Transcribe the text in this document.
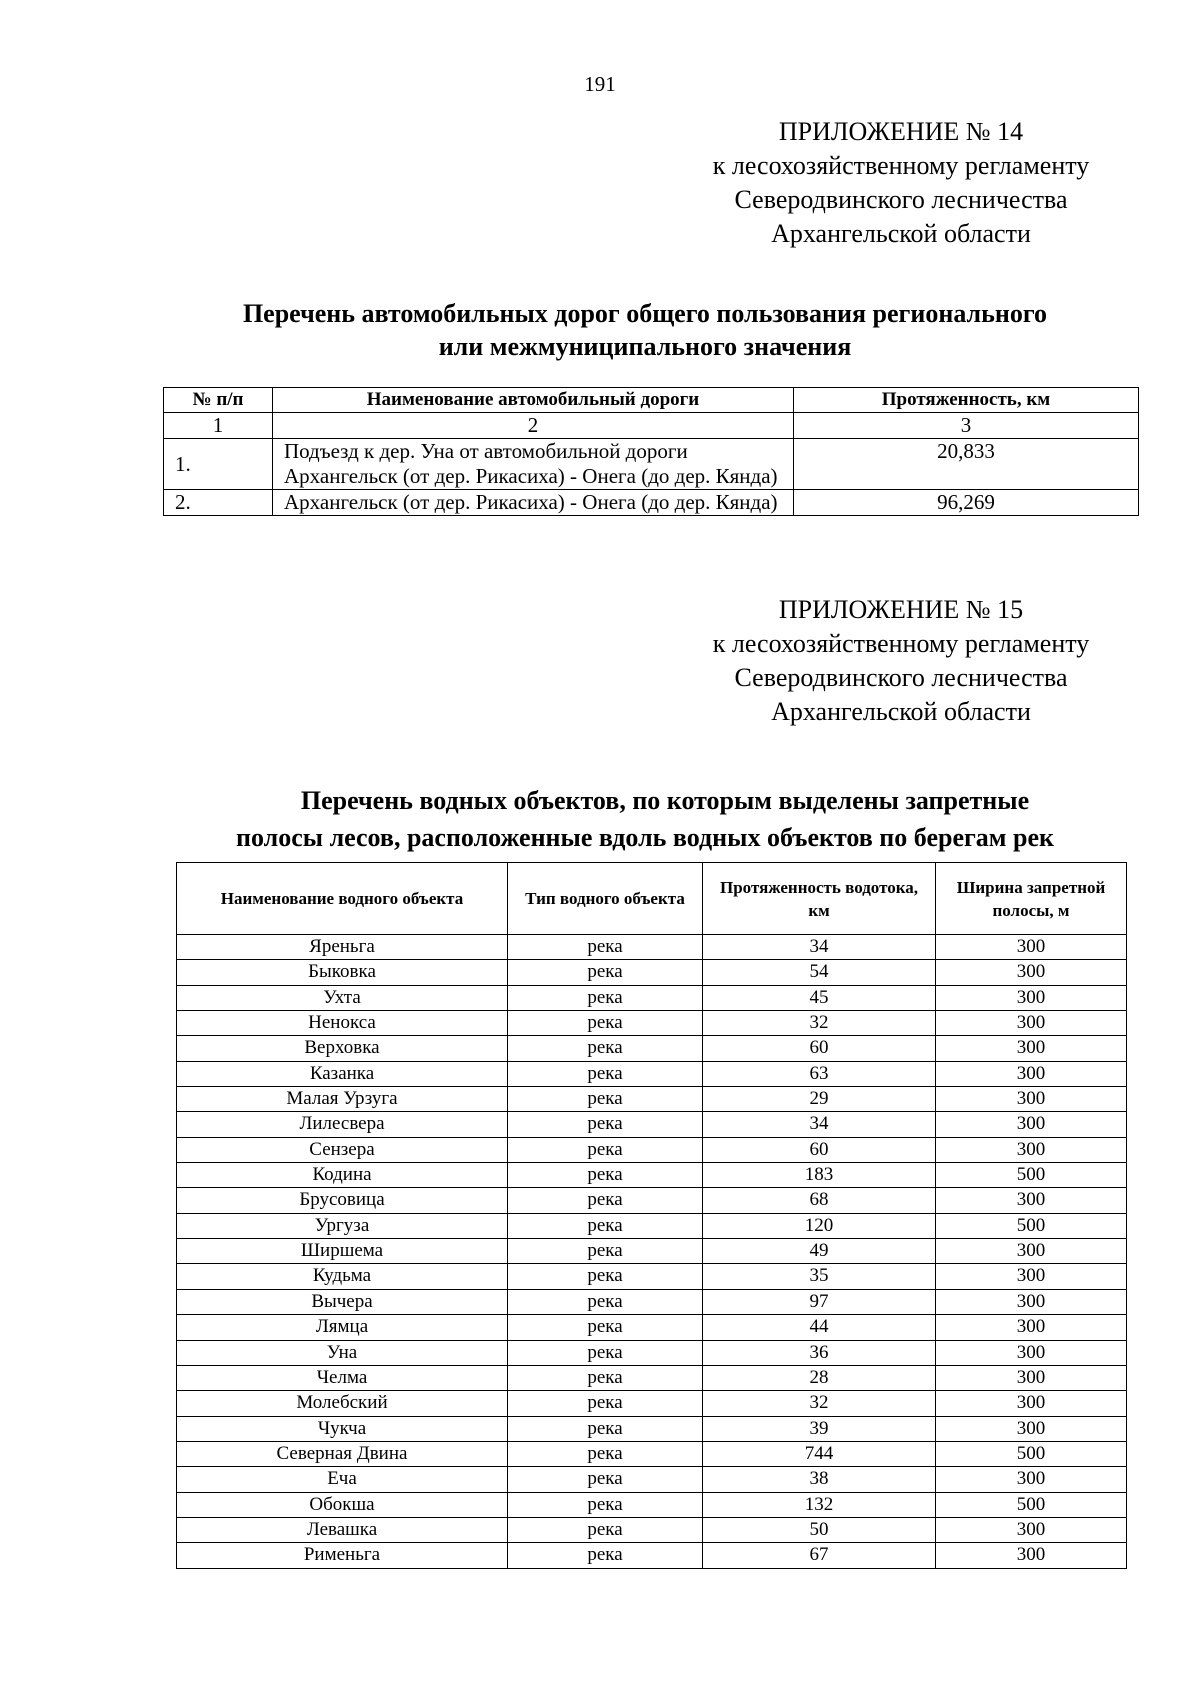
191
ПРИЛОЖЕНИЕ № 14
к лесохозяйственному регламенту
Северодвинского лесничества
Архангельской области
Перечень автомобильных дорог общего пользования регионального
или межмуниципального значения
№ п/п	Наименование автомобильный дороги	Протяженность, км
1	2	3
1.	Подъезд к дер. Уна от автомобильной дороги Архангельск (от дер. Рикасиха) - Онега (до дер. Кянда)	20,833
2.	Архангельск (от дер. Рикасиха) - Онега (до дер. Кянда)	96,269
ПРИЛОЖЕНИЕ № 15
к лесохозяйственному регламенту
Северодвинского лесничества
Архангельской области
Перечень водных объектов, по которым выделены запретные
полосы лесов, расположенные вдоль водных объектов по берегам рек
Наименование водного объекта	Тип водного объекта	Протяженность водотока, км	Ширина запретной полосы, м
Яреньга	река	34	300
Быковка	река	54	300
Ухта	река	45	300
Ненокса	река	32	300
Верховка	река	60	300
Казанка	река	63	300
Малая Урзуга	река	29	300
Лилесвера	река	34	300
Сензера	река	60	300
Кодина	река	183	500
Брусовица	река	68	300
Ургуза	река	120	500
Ширшема	река	49	300
Кудьма	река	35	300
Вычера	река	97	300
Лямца	река	44	300
Уна	река	36	300
Челма	река	28	300
Молебский	река	32	300
Чукча	река	39	300
Северная Двина	река	744	500
Еча	река	38	300
Обокша	река	132	500
Левашка	река	50	300
Рименьга	река	67	300
